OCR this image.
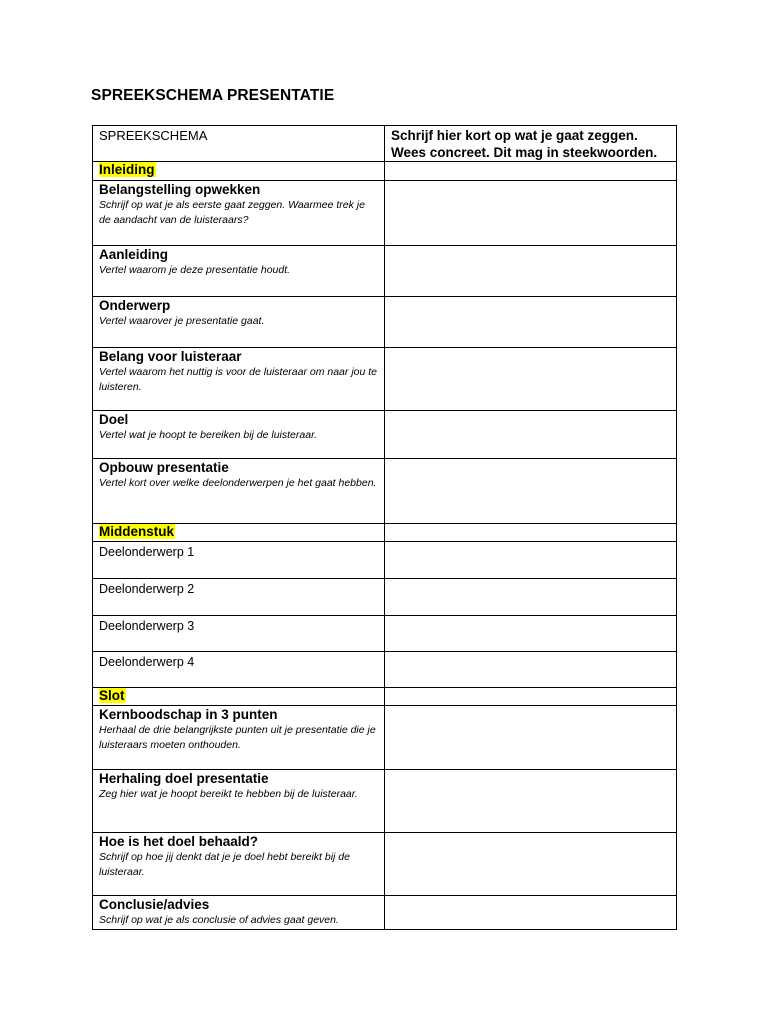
SPREEKSCHEMA PRESENTATIE
SPREEKSCHEMA	Schrijf hier kort op wat je gaat zeggen. Wees concreet. Dit mag in steekwoorden.
Inleiding	

Belangstelling opwekken
Schrijf op wat je als eerste gaat zeggen. Waarmee trek je de aandacht van de luisteraars?	

Aanleiding
Vertel waarom je deze presentatie houdt.	

Onderwerp
Vertel waarover je presentatie gaat.	

Belang voor luisteraar
Vertel waarom het nuttig is voor de luisteraar om naar jou te luisteren.	

Doel
Vertel wat je hoopt te bereiken bij de luisteraar.	

Opbouw presentatie
Vertel kort over welke deelonderwerpen je het gaat hebben.	

Middenstuk	

Deelonderwerp 1	

Deelonderwerp 2	

Deelonderwerp 3	

Deelonderwerp 4	

Slot	

Kernboodschap in 3 punten
Herhaal de drie belangrijkste punten uit je presentatie die je luisteraars moeten onthouden.	

Herhaling doel presentatie
Zeg hier wat je hoopt bereikt te hebben bij de luisteraar.	

Hoe is het doel behaald?
Schrijf op hoe jij denkt dat je je doel hebt bereikt bij de luisteraar.	

Conclusie/advies
Schrijf op wat je als conclusie of advies gaat geven.	
